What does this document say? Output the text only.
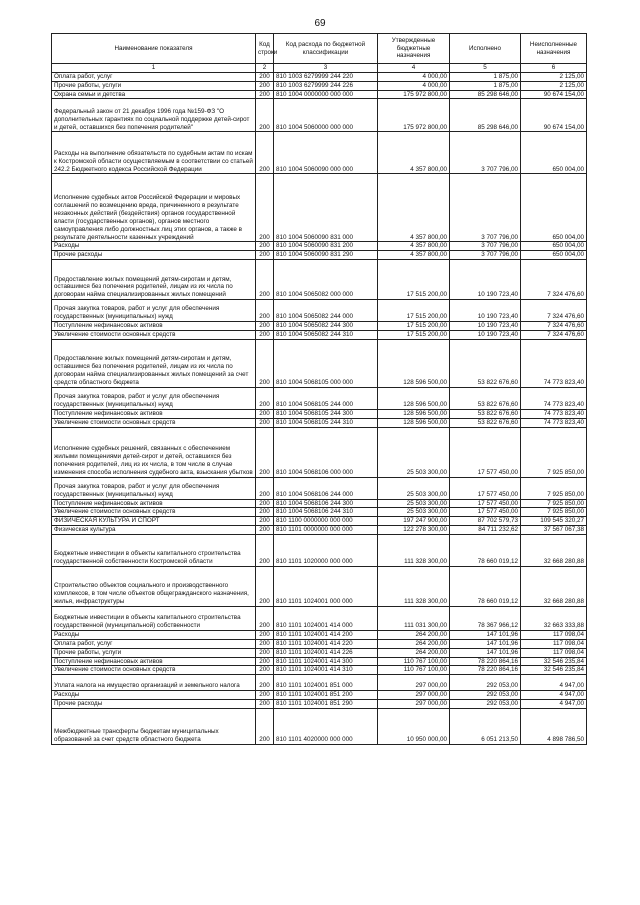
69
Наименование показателя	Код строки	Код расхода по бюджетной классификации	Утвержденные бюджетные назначения	Исполнено	Неисполненные назначения
1	2	3	4	5	6
Оплата работ, услуг	200	810 1003 6279999 244 220	4 000,00	1 875,00	2 125,00
Прочие работы, услуги	200	810 1003 6279999 244 226	4 000,00	1 875,00	2 125,00
Охрана семьи и детства	200	810 1004 0000000 000 000	175 972 800,00	85 298 646,00	90 674 154,00
Федеральный закон от 21 декабря 1996 года №159-ФЗ "О дополнительных гарантиях по социальной поддержке детей-сирот и детей, оставшихся без попечения родителей"	200	810 1004 5060000 000 000	175 972 800,00	85 298 646,00	90 674 154,00
Расходы на выполнение обязательств по судебным актам по искам к Костромской области осуществляемым в соответствии со статьей 242.2 Бюджетного кодекса Российской Федерации	200	810 1004 5060090 000 000	4 357 800,00	3 707 796,00	650 004,00
Исполнение судебных актов Российской Федерации и мировых соглашений по возмещению вреда, причиненного в результате незаконных действий (бездействия) органов государственной власти (государственных органов), органов местного самоуправления либо должностных лиц этих органов, а также в результате деятельности казенных учреждений	200	810 1004 5060090 831 000	4 357 800,00	3 707 796,00	650 004,00
Расходы	200	810 1004 5060090 831 200	4 357 800,00	3 707 796,00	650 004,00
Прочие расходы	200	810 1004 5060090 831 290	4 357 800,00	3 707 796,00	650 004,00
Предоставление жилых помещений детям-сиротам и детям, оставшимся без попечения родителей, лицам из их числа по договорам найма специализированных жилых помещений	200	810 1004 5065082 000 000	17 515 200,00	10 190 723,40	7 324 476,60
Прочая закупка товаров, работ и услуг для обеспечения государственных (муниципальных) нужд	200	810 1004 5065082 244 000	17 515 200,00	10 190 723,40	7 324 476,60
Поступление нефинансовых активов	200	810 1004 5065082 244 300	17 515 200,00	10 190 723,40	7 324 476,60
Увеличение стоимости основных средств	200	810 1004 5065082 244 310	17 515 200,00	10 190 723,40	7 324 476,60
Предоставление жилых помещений детям-сиротам и детям, оставшимся без попечения родителей, лицам из их числа по договорам найма специализированных жилых помещений за счет средств областного бюджета	200	810 1004 5068105 000 000	128 596 500,00	53 822 676,60	74 773 823,40
Прочая закупка товаров, работ и услуг для обеспечения государственных (муниципальных) нужд	200	810 1004 5068105 244 000	128 596 500,00	53 822 676,60	74 773 823,40
Поступление нефинансовых активов	200	810 1004 5068105 244 300	128 596 500,00	53 822 676,60	74 773 823,40
Увеличение стоимости основных средств	200	810 1004 5068105 244 310	128 596 500,00	53 822 676,60	74 773 823,40
Исполнение судебных решений, связанных с обеспечением жилыми помещениями детей-сирот и детей, оставшихся без попечения родителей, лиц из их числа, в том числе в случае изменения способа исполнения судебного акта, взыскания убытков	200	810 1004 5068106 000 000	25 503 300,00	17 577 450,00	7 925 850,00
Прочая закупка товаров, работ и услуг для обеспечения государственных (муниципальных) нужд	200	810 1004 5068106 244 000	25 503 300,00	17 577 450,00	7 925 850,00
Поступление нефинансовых активов	200	810 1004 5068106 244 300	25 503 300,00	17 577 450,00	7 925 850,00
Увеличение стоимости основных средств	200	810 1004 5068106 244 310	25 503 300,00	17 577 450,00	7 925 850,00
ФИЗИЧЕСКАЯ КУЛЬТУРА И СПОРТ	200	810 1100 0000000 000 000	197 247 900,00	87 702 579,73	109 545 320,27
Физическая культура	200	810 1101 0000000 000 000	122 278 300,00	84 711 232,62	37 567 067,38
Бюджетные инвестиции в объекты капитального строительства государственной собственности Костромской области	200	810 1101 1020000 000 000	111 328 300,00	78 660 019,12	32 668 280,88
Строительство объектов социального и производственного комплексов, в том числе объектов общегражданского назначения, жилья, инфраструктуры	200	810 1101 1024001 000 000	111 328 300,00	78 660 019,12	32 668 280,88
Бюджетные инвестиции в объекты капитального строительства государственной (муниципальной) собственности	200	810 1101 1024001 414 000	111 031 300,00	78 367 966,12	32 663 333,88
Расходы	200	810 1101 1024001 414 200	264 200,00	147 101,96	117 098,04
Оплата работ, услуг	200	810 1101 1024001 414 220	264 200,00	147 101,96	117 098,04
Прочие работы, услуги	200	810 1101 1024001 414 226	264 200,00	147 101,96	117 098,04
Поступление нефинансовых активов	200	810 1101 1024001 414 300	110 767 100,00	78 220 864,16	32 546 235,84
Увеличение стоимости основных средств	200	810 1101 1024001 414 310	110 767 100,00	78 220 864,16	32 546 235,84
Уплата налога на имущество организаций и земельного налога	200	810 1101 1024001 851 000	297 000,00	292 053,00	4 947,00
Расходы	200	810 1101 1024001 851 200	297 000,00	292 053,00	4 947,00
Прочие расходы	200	810 1101 1024001 851 290	297 000,00	292 053,00	4 947,00
Межбюджетные трансферты бюджетам муниципальных образований за счет средств областного бюджета	200	810 1101 4020000 000 000	10 950 000,00	6 051 213,50	4 898 786,50
